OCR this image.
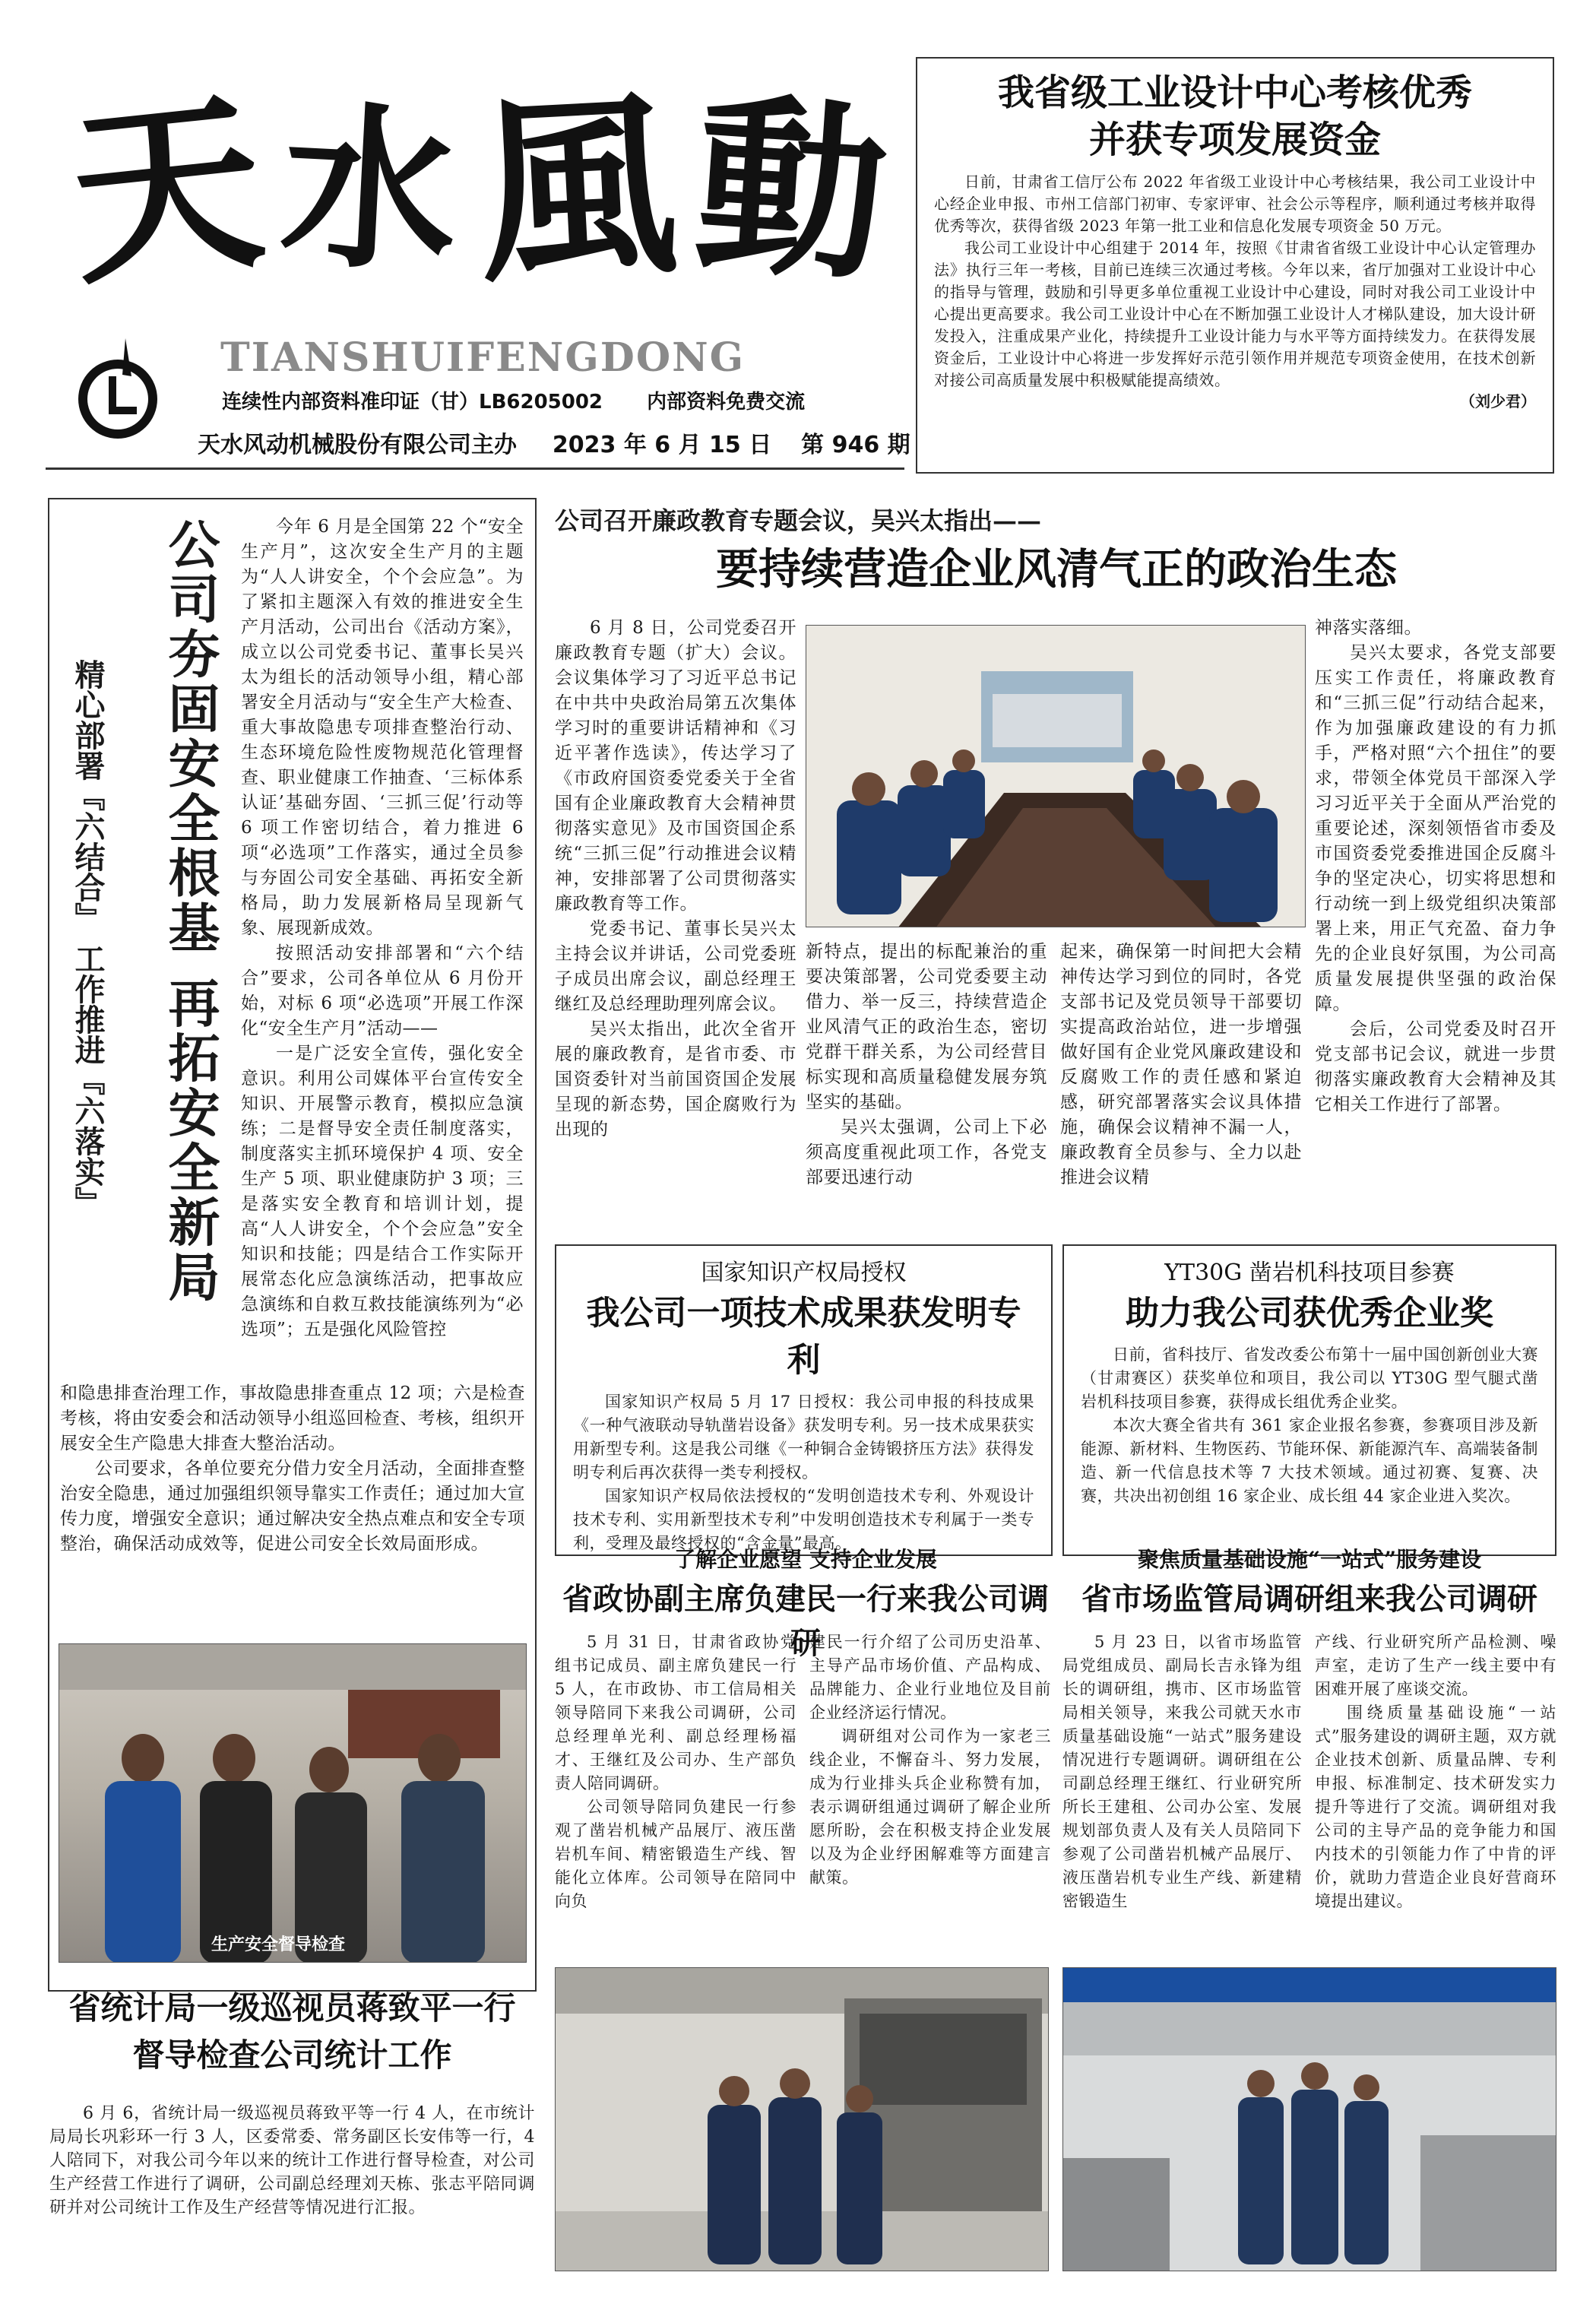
天 水 風 動
TIANSHUIFENGDONG
连续性内部资料准印证（甘）LB6205002 内部资料免费交流
天水风动机械股份有限公司主办 2023 年 6 月 15 日 第 946 期
我省级工业设计中心考核优秀
并获专项发展资金

日前，甘肃省工信厅公布 2022 年省级工业设计中心考核结果，我公司工业设计中心经企业申报、市州工信部门初审、专家评审、社会公示等程序，顺利通过考核并取得优秀等次，获得省级 2023 年第一批工业和信息化发展专项资金 50 万元。

我公司工业设计中心组建于 2014 年，按照《甘肃省省级工业设计中心认定管理办法》执行三年一考核，目前已连续三次通过考核。今年以来，省厅加强对工业设计中心的指导与管理，鼓励和引导更多单位重视工业设计中心建设，同时对我公司工业设计中心提出更高要求。我公司工业设计中心在不断加强工业设计人才梯队建设，加大设计研发投入，注重成果产业化，持续提升工业设计能力与水平等方面持续发力。在获得发展资金后，工业设计中心将进一步发挥好示范引领作用并规范专项资金使用，在技术创新对接公司高质量发展中积极赋能提高绩效。

（刘少君）
精心部署『六结合』 工作推进『六落实』 公司夯固安全根基 再拓安全新局	今年 6 月是全国第 22 个“安全生产月”，这次安全生产月的主题为“人人讲安全，个个会应急”。为了紧扣主题深入有效的推进安全生产月活动，公司出台《活动方案》，成立以公司党委书记、董事长吴兴太为组长的活动领导小组，精心部署安全月活动与“安全生产大检查、重大事故隐患专项排查整治行动、生态环境危险性废物规范化管理督查、职业健康工作抽查、‘三标体系认证’基础夯固、‘三抓三促’行动等 6 项工作密切结合，着力推进 6 项“必选项”工作落实，通过全员参与夯固公司安全基础、再拓安全新格局，助力发展新格局呈现新气象、展现新成效。

按照活动安排部署和“六个结合”要求，公司各单位从 6 月份开始，对标 6 项“必选项”开展工作深化“安全生产月”活动——

一是广泛安全宣传，强化安全意识。利用公司媒体平台宣传安全知识、开展警示教育，模拟应急演练；二是督导安全责任制度落实，制度落实主抓环境保护 4 项、安全生产 5 项、职业健康防护 3 项；三是落实安全教育和培训计划，提高“人人讲安全，个个会应急”安全知识和技能；四是结合工作实际开展常态化应急演练活动，把事故应急演练和自救互救技能演练列为“必选项”；五是强化风险管控

和隐患排查治理工作，事故隐患排查重点 12 项；六是检查考核，将由安委会和活动领导小组巡回检查、考核，组织开展安全生产隐患大排查大整治活动。

公司要求，各单位要充分借力安全月活动，全面排查整治安全隐患，通过加强组织领导靠实工作责任；通过加大宣传力度，增强安全意识；通过解决安全热点难点和安全专项整治，确保活动成效等，促进公司安全长效局面形成。

生产安全督导检查
公司召开廉政教育专题会议，吴兴太指出——
要持续营造企业风清气正的政治生态

6 月 8 日，公司党委召开廉政教育专题（扩大）会议。会议集体学习了习近平总书记在中共中央政治局第五次集体学习时的重要讲话精神和《习近平著作选读》，传达学习了《市政府国资委党委关于全省国有企业廉政教育大会精神贯彻落实意见》及市国资国企系统“三抓三促”行动推进会议精神，安排部署了公司贯彻落实廉政教育等工作。

党委书记、董事长吴兴太主持会议并讲话，公司党委班子成员出席会议，副总经理王继红及总经理助理列席会议。

吴兴太指出，此次全省开展的廉政教育，是省市委、市国资委针对当前国资国企发展呈现的新态势，国企腐败行为出现的

新特点，提出的标配兼治的重要决策部署，公司党委要主动借力、举一反三，持续营造企业风清气正的政治生态，密切党群干群关系，为公司经营目标实现和高质量稳健发展夯筑坚实的基础。

吴兴太强调，公司上下必须高度重视此项工作，各党支部要迅速行动

起来，确保第一时间把大会精神传达学习到位的同时，各党支部书记及党员领导干部要切实提高政治站位，进一步增强做好国有企业党风廉政建设和反腐败工作的责任感和紧迫感，研究部署落实会议具体措施，确保会议精神不漏一人，廉政教育全员参与、全力以赴推进会议精

神落实落细。

吴兴太要求，各党支部要压实工作责任，将廉政教育和“三抓三促”行动结合起来，作为加强廉政建设的有力抓手，严格对照“六个扭住”的要求，带领全体党员干部深入学习习近平关于全面从严治党的重要论述，深刻领悟省市委及市国资委党委推进国企反腐斗争的坚定决心，切实将思想和行动统一到上级党组织决策部署上来，用正气充盈、奋力争先的企业良好氛围，为公司高质量发展提供坚强的政治保障。

会后，公司党委及时召开党支部书记会议，就进一步贯彻落实廉政教育大会精神及其它相关工作进行了部署。

国家知识产权局授权
我公司一项技术成果获发明专利

国家知识产权局 5 月 17 日授权：我公司申报的科技成果《一种气液联动导轨凿岩设备》获发明专利。另一技术成果获实用新型专利。这是我公司继《一种铜合金铸锻挤压方法》获得发明专利后再次获得一类专利授权。

国家知识产权局依法授权的“发明创造技术专利、外观设计技术专利、实用新型技术专利”中发明创造技术专利属于一类专利，受理及最终授权的“含金量”最高。

YT30G 凿岩机科技项目参赛
助力我公司获优秀企业奖

日前，省科技厅、省发改委公布第十一届中国创新创业大赛（甘肃赛区）获奖单位和项目，我公司以 YT30G 型气腿式凿岩机科技项目参赛，获得成长组优秀企业奖。

本次大赛全省共有 361 家企业报名参赛，参赛项目涉及新能源、新材料、生物医药、节能环保、新能源汽车、高端装备制造、新一代信息技术等 7 大技术领域。通过初赛、复赛、决赛，共决出初创组 16 家企业、成长组 44 家企业进入奖次。

了解企业愿望 支持企业发展
省政协副主席负建民一行来我公司调研

5 月 31 日，甘肃省政协党组书记成员、副主席负建民一行 5 人，在市政协、市工信局相关领导陪同下来我公司调研，公司总经理单光利、副总经理杨福才、王继红及公司办、生产部负责人陪同调研。

公司领导陪同负建民一行参观了凿岩机械产品展厅、液压凿岩机车间、精密锻造生产线、智能化立体库。公司领导在陪同中向负

建民一行介绍了公司历史沿革、主导产品市场价值、产品构成、品牌能力、企业行业地位及目前企业经济运行情况。

调研组对公司作为一家老三线企业，不懈奋斗、努力发展，成为行业排头兵企业称赞有加，表示调研组通过调研了解企业所愿所盼，会在积极支持企业发展以及为企业纾困解难等方面建言献策。

聚焦质量基础设施“一站式”服务建设
省市场监管局调研组来我公司调研

5 月 23 日，以省市场监管局党组成员、副局长吉永锋为组长的调研组，携市、区市场监管局相关领导，来我公司就天水市质量基础设施“一站式”服务建设情况进行专题调研。调研组在公司副总经理王继红、行业研究所所长王建租、公司办公室、发展规划部负责人及有关人员陪同下参观了公司凿岩机械产品展厅、液压凿岩机专业生产线、新建精密锻造生

产线、行业研究所产品检测、噪声室，走访了生产一线主要中有困难开展了座谈交流。

围绕质量基础设施“一站式”服务建设的调研主题，双方就企业技术创新、质量品牌、专利申报、标准制定、技术研发实力提升等进行了交流。调研组对我公司的主导产品的竞争能力和国内技术的引领能力作了中肯的评价，就助力营造企业良好营商环境提出建议。

省统计局一级巡视员蒋致平一行
督导检查公司统计工作

6 月 6，省统计局一级巡视员蒋致平等一行 4 人，在市统计局局长巩彩环一行 3 人，区委常委、常务副区长安伟等一行，4 人陪同下，对我公司今年以来的统计工作进行督导检查，对公司生产经营工作进行了调研，公司副总经理刘天栋、张志平陪同调研并对公司统计工作及生产经营等情况进行汇报。
